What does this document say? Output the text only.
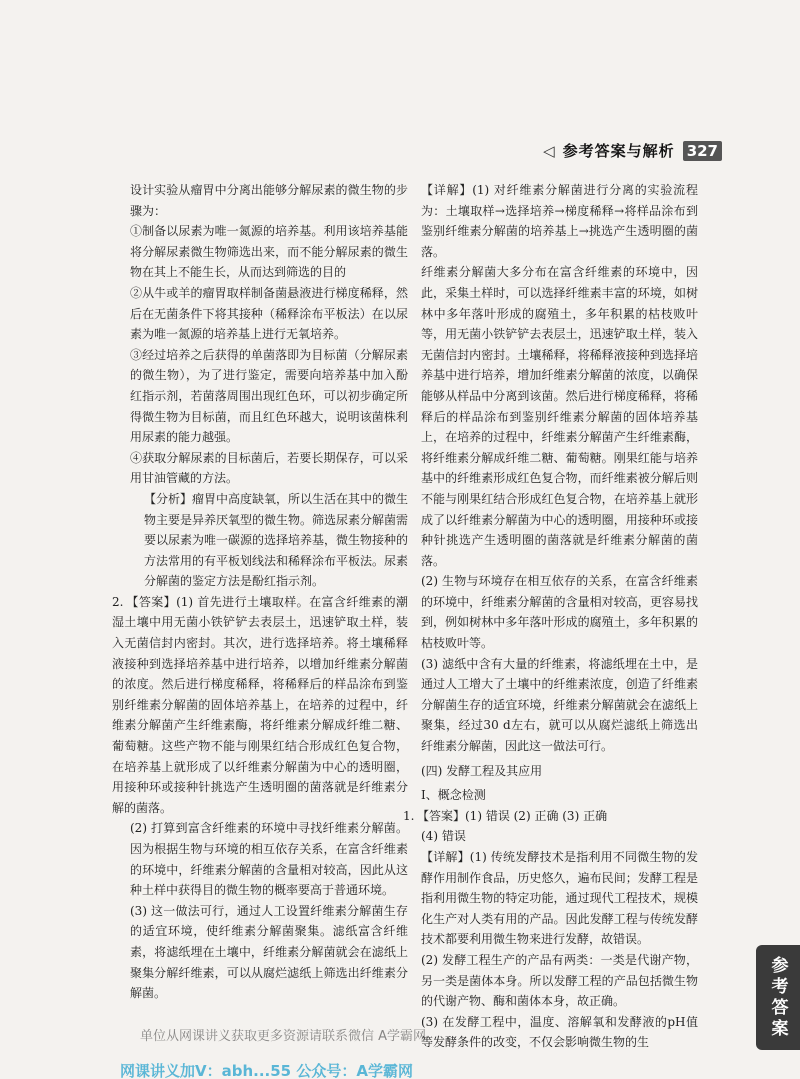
◁ 参考答案与解析 327

设计实验从瘤胃中分离出能够分解尿素的微生物的步骤为：

①制备以尿素为唯一氮源的培养基。利用该培养基能将分解尿素微生物筛选出来，而不能分解尿素的微生物在其上不能生长，从而达到筛选的目的

②从牛或羊的瘤胃取样制备菌悬液进行梯度稀释，然后在无菌条件下将其接种（稀释涂布平板法）在以尿素为唯一氮源的培养基上进行无氧培养。

③经过培养之后获得的单菌落即为目标菌（分解尿素的微生物），为了进行鉴定，需要向培养基中加入酚红指示剂，若菌落周围出现红色环，可以初步确定所得微生物为目标菌，而且红色环越大，说明该菌株利用尿素的能力越强。

④获取分解尿素的目标菌后，若要长期保存，可以采用甘油管藏的方法。

【分析】瘤胃中高度缺氧，所以生活在其中的微生物主要是异养厌氧型的微生物。筛选尿素分解菌需要以尿素为唯一碳源的选择培养基，微生物接种的方法常用的有平板划线法和稀释涂布平板法。尿素分解菌的鉴定方法是酚红指示剂。

2. 【答案】(1) 首先进行土壤取样。在富含纤维素的潮湿土壤中用无菌小铁铲铲去表层土，迅速铲取土样，装入无菌信封内密封。其次，进行选择培养。将土壤稀释液接种到选择培养基中进行培养，以增加纤维素分解菌的浓度。然后进行梯度稀释，将稀释后的样品涂布到鉴别纤维素分解菌的固体培养基上，在培养的过程中，纤维素分解菌产生纤维素酶，将纤维素分解成纤维二糖、葡萄糖。这些产物不能与刚果红结合形成红色复合物，在培养基上就形成了以纤维素分解菌为中心的透明圈，用接种环或接种针挑选产生透明圈的菌落就是纤维素分解的菌落。

(2) 打算到富含纤维素的环境中寻找纤维素分解菌。因为根据生物与环境的相互依存关系，在富含纤维素的环境中，纤维素分解菌的含量相对较高，因此从这种土样中获得目的微生物的概率要高于普通环境。

(3) 这一做法可行，通过人工设置纤维素分解菌生存的适宜环境，使纤维素分解菌聚集。滤纸富含纤维素，将滤纸埋在土壤中，纤维素分解菌就会在滤纸上聚集分解纤维素，可以从腐烂滤纸上筛选出纤维素分解菌。

【详解】(1) 对纤维素分解菌进行分离的实验流程为：土壤取样→选择培养→梯度稀释→将样品涂布到鉴别纤维素分解菌的培养基上→挑选产生透明圈的菌落。

纤维素分解菌大多分布在富含纤维素的环境中，因此，采集土样时，可以选择纤维素丰富的环境，如树林中多年落叶形成的腐殖土，多年积累的枯枝败叶等，用无菌小铁铲铲去表层土，迅速铲取土样，装入无菌信封内密封。土壤稀释，将稀释液接种到选择培养基中进行培养，增加纤维素分解菌的浓度，以确保能够从样品中分离到该菌。然后进行梯度稀释，将稀释后的样品涂布到鉴别纤维素分解菌的固体培养基上，在培养的过程中，纤维素分解菌产生纤维素酶，将纤维素分解成纤维二糖、葡萄糖。刚果红能与培养基中的纤维素形成红色复合物，而纤维素被分解后则不能与刚果红结合形成红色复合物，在培养基上就形成了以纤维素分解菌为中心的透明圈，用接种环或接种针挑选产生透明圈的菌落就是纤维素分解菌的菌落。

(2) 生物与环境存在相互依存的关系，在富含纤维素的环境中，纤维素分解菌的含量相对较高，更容易找到，例如树林中多年落叶形成的腐殖土，多年积累的枯枝败叶等。

(3) 滤纸中含有大量的纤维素，将滤纸埋在土中，是通过人工增大了土壤中的纤维素浓度，创造了纤维素分解菌生存的适宜环境，纤维素分解菌就会在滤纸上聚集，经过30 d左右，就可以从腐烂滤纸上筛选出纤维素分解菌，因此这一做法可行。

(四) 发酵工程及其应用

Ⅰ、概念检测

1. 【答案】(1) 错误 (2) 正确 (3) 正确

(4) 错误

【详解】(1) 传统发酵技术是指利用不同微生物的发酵作用制作食品，历史悠久，遍布民间；发酵工程是指利用微生物的特定功能，通过现代工程技术，规模化生产对人类有用的产品。因此发酵工程与传统发酵技术都要利用微生物来进行发酵，故错误。

(2) 发酵工程生产的产品有两类：一类是代谢产物，另一类是菌体本身。所以发酵工程的产品包括微生物的代谢产物、酶和菌体本身，故正确。

(3) 在发酵工程中，温度、溶解氧和发酵液的pH值等发酵条件的改变，不仅会影响微生物的生

参考答案
单位从网课讲义获取更多资源请联系微信 A学霸网
网课讲义加V：abh...55 公众号：A学霸网
